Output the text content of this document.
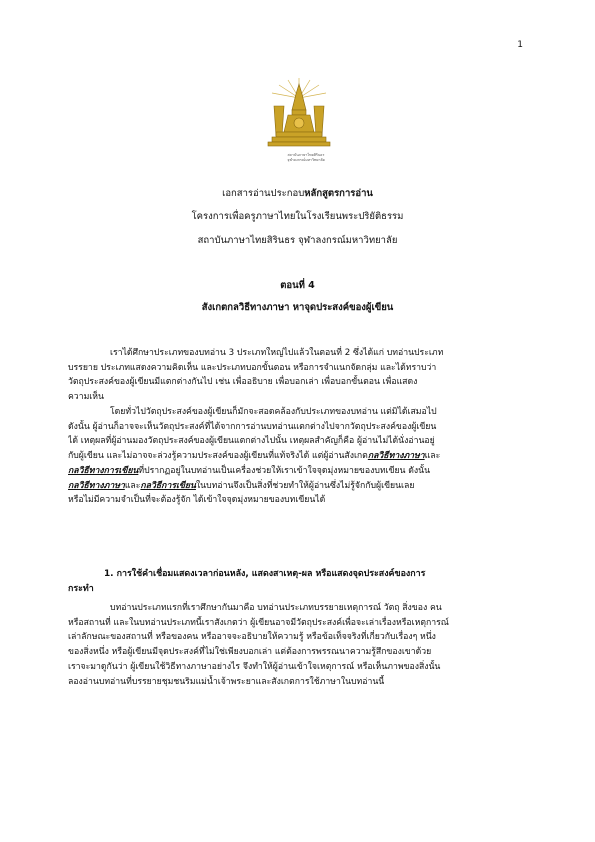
1
สถาบันภาษาไทยสิรินธร
จุฬาลงกรณ์มหาวิทยาลัย
เอกสารอ่านประกอบหลักสูตรการอ่าน
โครงการเพื่อครูภาษาไทยในโรงเรียนพระปริยัติธรรม
สถาบันภาษาไทยสิรินธร จุฬาลงกรณ์มหาวิทยาลัย
ตอนที่ 4
สังเกตกลวิธีทางภาษา หาจุดประสงค์ของผู้เขียน
เราได้ศึกษาประเภทของบทอ่าน 3 ประเภทใหญ่ไปแล้วในตอนที่ 2 ซึ่งได้แก่ บทอ่านประเภท
บรรยาย ประเภทแสดงความคิดเห็น และประเภทบอกขั้นตอน หรือการจำแนกจัดกลุ่ม และได้ทราบว่า
วัตถุประสงค์ของผู้เขียนมีแตกต่างกันไป เช่น เพื่ออธิบาย เพื่อบอกเล่า เพื่อบอกขั้นตอน เพื่อแสดง
ความเห็น
โดยทั่วไปวัตถุประสงค์ของผู้เขียนก็มักจะสอดคล้องกับประเภทของบทอ่าน แต่มิได้เสมอไป
ดังนั้น ผู้อ่านก็อาจจะเห็นวัตถุประสงค์ที่ได้จากการอ่านบทอ่านแตกต่างไปจากวัตถุประสงค์ของผู้เขียน
ได้ เหตุผลที่ผู้อ่านมองวัตถุประสงค์ของผู้เขียนแตกต่างไปนั้น เหตุผลสำคัญก็คือ ผู้อ่านไม่ได้นั่งอ่านอยู่
กับผู้เขียน และไม่อาจจะล่วงรู้ความประสงค์ของผู้เขียนที่แท้จริงได้ แต่ผู้อ่านสังเกตกลวิธีทางภาษาและ
กลวิธีทางการเขียนที่ปรากฏอยู่ในบทอ่านเป็นเครื่องช่วยให้เราเข้าใจจุดมุ่งหมายของบทเขียน ดังนั้น
กลวิธีทางภาษาและกลวิธีการเขียนในบทอ่านจึงเป็นสิ่งที่ช่วยทำให้ผู้อ่านซึ่งไม่รู้จักกับผู้เขียนเลย
หรือไม่มีความจำเป็นที่จะต้องรู้จัก ได้เข้าใจจุดมุ่งหมายของบทเขียนได้
1. การใช้คำเชื่อมแสดงเวลาก่อนหลัง, แสดงสาเหตุ-ผล หรือแสดงจุดประสงค์ของการ
กระทำ
บทอ่านประเภทแรกที่เราศึกษากันมาคือ บทอ่านประเภทบรรยายเหตุการณ์ วัตถุ สิ่งของ คน
หรือสถานที่ และในบทอ่านประเภทนี้เราสังเกตว่า ผู้เขียนอาจมีวัตถุประสงค์เพื่อจะเล่าเรื่องหรือเหตุการณ์
เล่าลักษณะของสถานที่ หรือของคน หรืออาจจะอธิบายให้ความรู้ หรือข้อเท็จจริงที่เกี่ยวกับเรื่องๆ หนึ่ง
ของสิ่งหนึ่ง หรือผู้เขียนมีจุดประสงค์ที่ไม่ใช่เพียงบอกเล่า แต่ต้องการพรรณนาความรู้สึกของเขาด้วย
เราจะมาดูกันว่า ผู้เขียนใช้วิธีทางภาษาอย่างไร จึงทำให้ผู้อ่านเข้าใจเหตุการณ์ หรือเห็นภาพของสิ่งนั้น
ลองอ่านบทอ่านที่บรรยายชุมชนริมแม่น้ำเจ้าพระยาและสังเกตการใช้ภาษาในบทอ่านนี้
